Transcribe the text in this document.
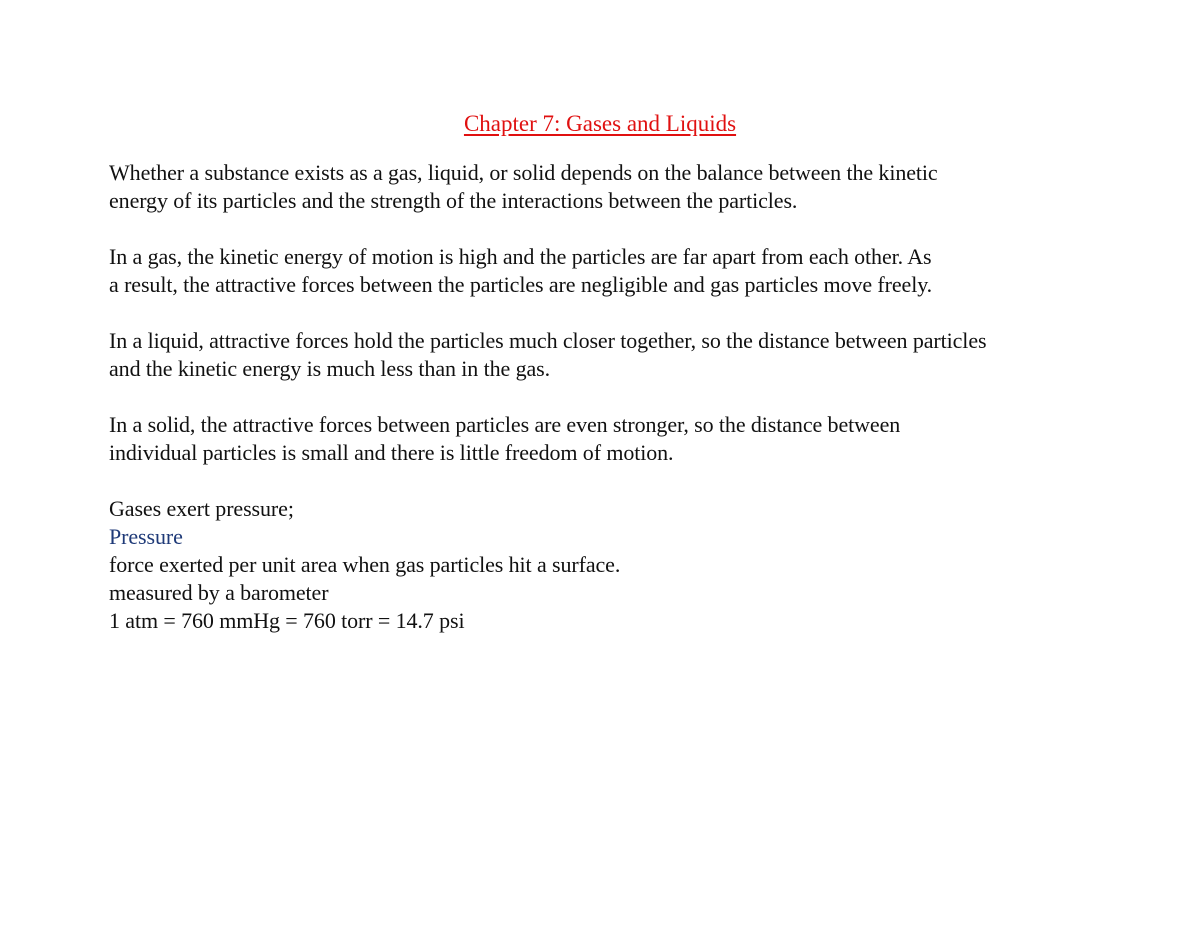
Chapter 7: Gases and Liquids

Whether a substance exists as a gas, liquid, or solid depends on the balance between the kinetic
energy of its particles and the strength of the interactions between the particles.

In a gas, the kinetic energy of motion is high and the particles are far apart from each other. As
a result, the attractive forces between the particles are negligible and gas particles move freely.

In a liquid, attractive forces hold the particles much closer together, so the distance between particles
and the kinetic energy is much less than in the gas.

In a solid, the attractive forces between particles are even stronger, so the distance between
individual particles is small and there is little freedom of motion.

Gases exert pressure;
Pressure
force exerted per unit area when gas particles hit a surface.
measured by a barometer
1 atm = 760 mmHg = 760 torr = 14.7 psi
